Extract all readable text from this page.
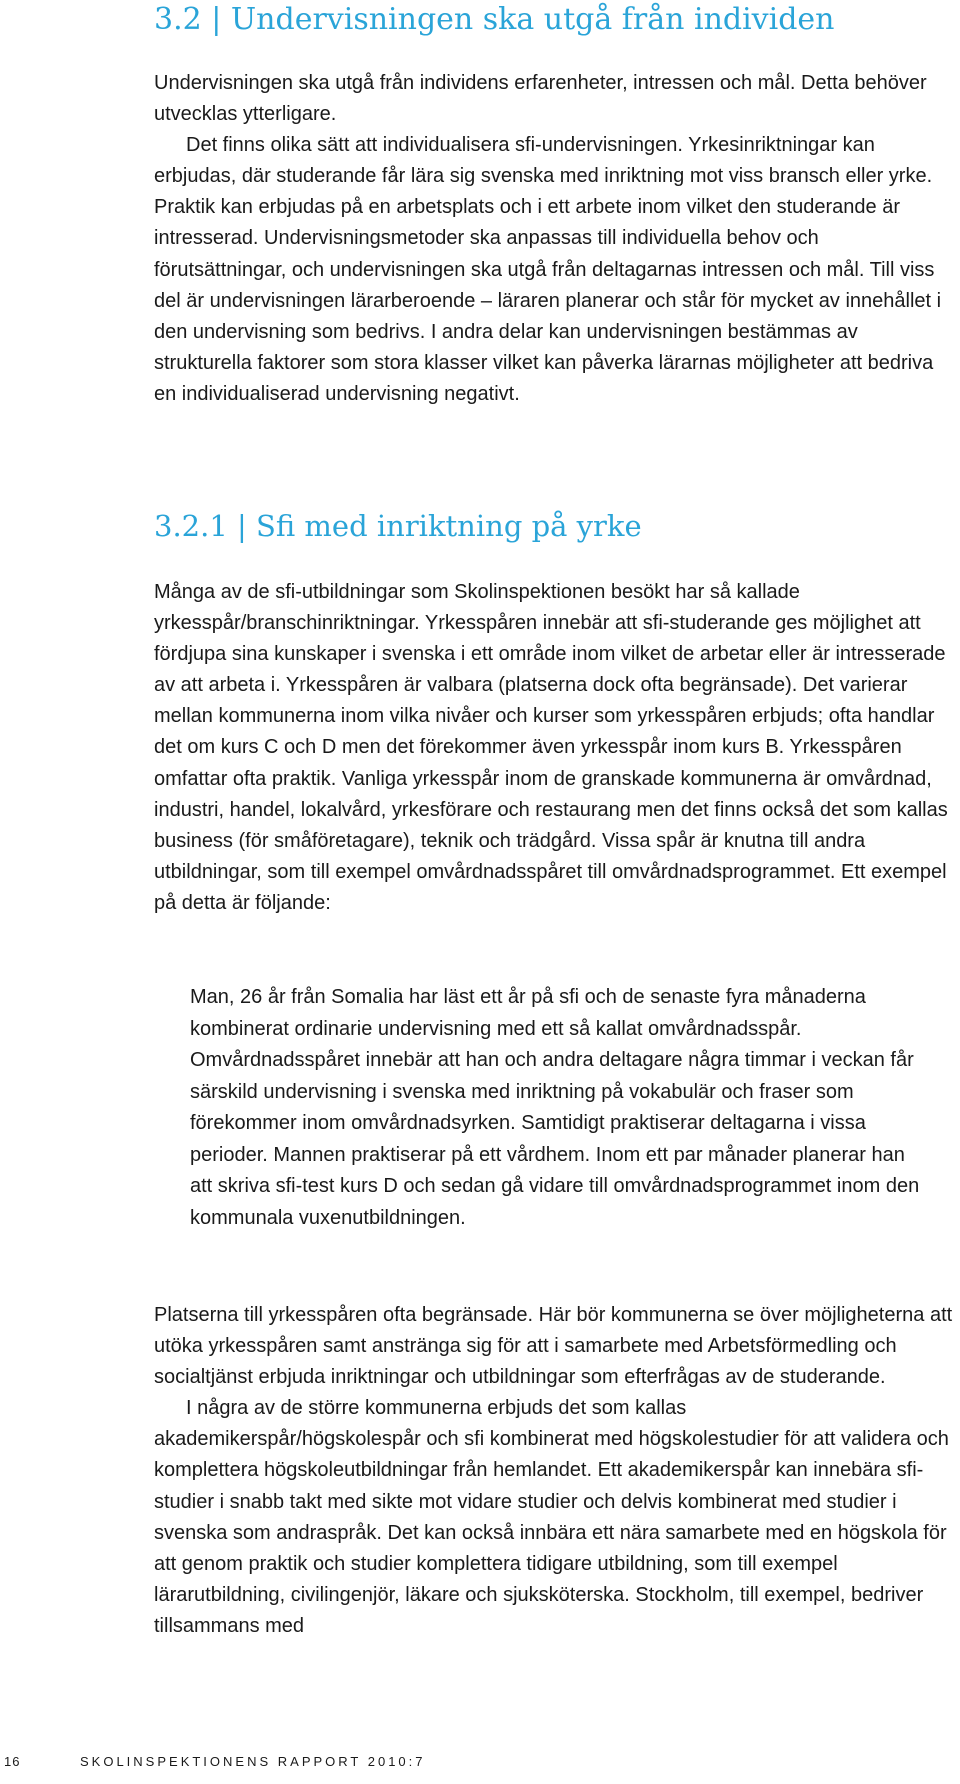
3.2 | Undervisningen ska utgå från individen

Undervisningen ska utgå från individens erfarenheter, intressen och mål. Detta behöver utvecklas ytterligare.

Det finns olika sätt att individualisera sfi-undervisningen. Yrkesinriktningar kan erbjudas, där studerande får lära sig svenska med inriktning mot viss bransch eller yrke. Praktik kan erbjudas på en arbetsplats och i ett arbete inom vilket den studerande är intresserad. Undervisningsmetoder ska anpassas till individuella behov och förutsättningar, och undervisningen ska utgå från deltagarnas intressen och mål. Till viss del är undervisningen lärarberoende – läraren planerar och står för mycket av innehållet i den undervisning som bedrivs. I andra delar kan undervisningen bestämmas av strukturella faktorer som stora klasser vilket kan påverka lärarnas möjligheter att bedriva en individualiserad undervisning negativt.

3.2.1 | Sfi med inriktning på yrke

Många av de sfi-utbildningar som Skolinspektionen besökt har så kallade yrkesspår/branschinriktningar. Yrkesspåren innebär att sfi-studerande ges möjlighet att fördjupa sina kunskaper i svenska i ett område inom vilket de arbetar eller är intresserade av att arbeta i. Yrkesspåren är valbara (platserna dock ofta begränsade). Det varierar mellan kommunerna inom vilka nivåer och kurser som yrkesspåren erbjuds; ofta handlar det om kurs C och D men det förekommer även yrkesspår inom kurs B. Yrkesspåren omfattar ofta praktik. Vanliga yrkesspår inom de granskade kommunerna är omvårdnad, industri, handel, lokalvård, yrkesförare och restaurang men det finns också det som kallas business (för småföretagare), teknik och trädgård. Vissa spår är knutna till andra utbildningar, som till exempel omvårdnadsspåret till omvårdnadsprogrammet. Ett exempel på detta är följande:

Man, 26 år från Somalia har läst ett år på sfi och de senaste fyra månaderna kombinerat ordinarie undervisning med ett så kallat omvårdnadsspår. Omvårdnadsspåret innebär att han och andra deltagare några timmar i veckan får särskild undervisning i svenska med inriktning på vokabulär och fraser som förekommer inom omvårdnadsyrken. Samtidigt praktiserar deltagarna i vissa perioder. Mannen praktiserar på ett vårdhem. Inom ett par månader planerar han att skriva sfi-test kurs D och sedan gå vidare till omvårdnadsprogrammet inom den kommunala vuxenutbildningen.

Platserna till yrkesspåren ofta begränsade. Här bör kommunerna se över möjligheterna att utöka yrkesspåren samt anstränga sig för att i samarbete med Arbetsförmedling och socialtjänst erbjuda inriktningar och utbildningar som efterfrågas av de studerande.

I några av de större kommunerna erbjuds det som kallas akademikerspår/högskolespår och sfi kombinerat med högskolestudier för att validera och komplettera högskoleutbildningar från hemlandet. Ett akademikerspår kan innebära sfi-studier i snabb takt med sikte mot vidare studier och delvis kombinerat med studier i svenska som andraspråk. Det kan också innbära ett nära samarbete med en högskola för att genom praktik och studier komplettera tidigare utbildning, som till exempel lärarutbildning, civilingenjör, läkare och sjuksköterska. Stockholm, till exempel, bedriver tillsammans med

16	SKOLINSPEKTIONENS RAPPORT 2010:7
